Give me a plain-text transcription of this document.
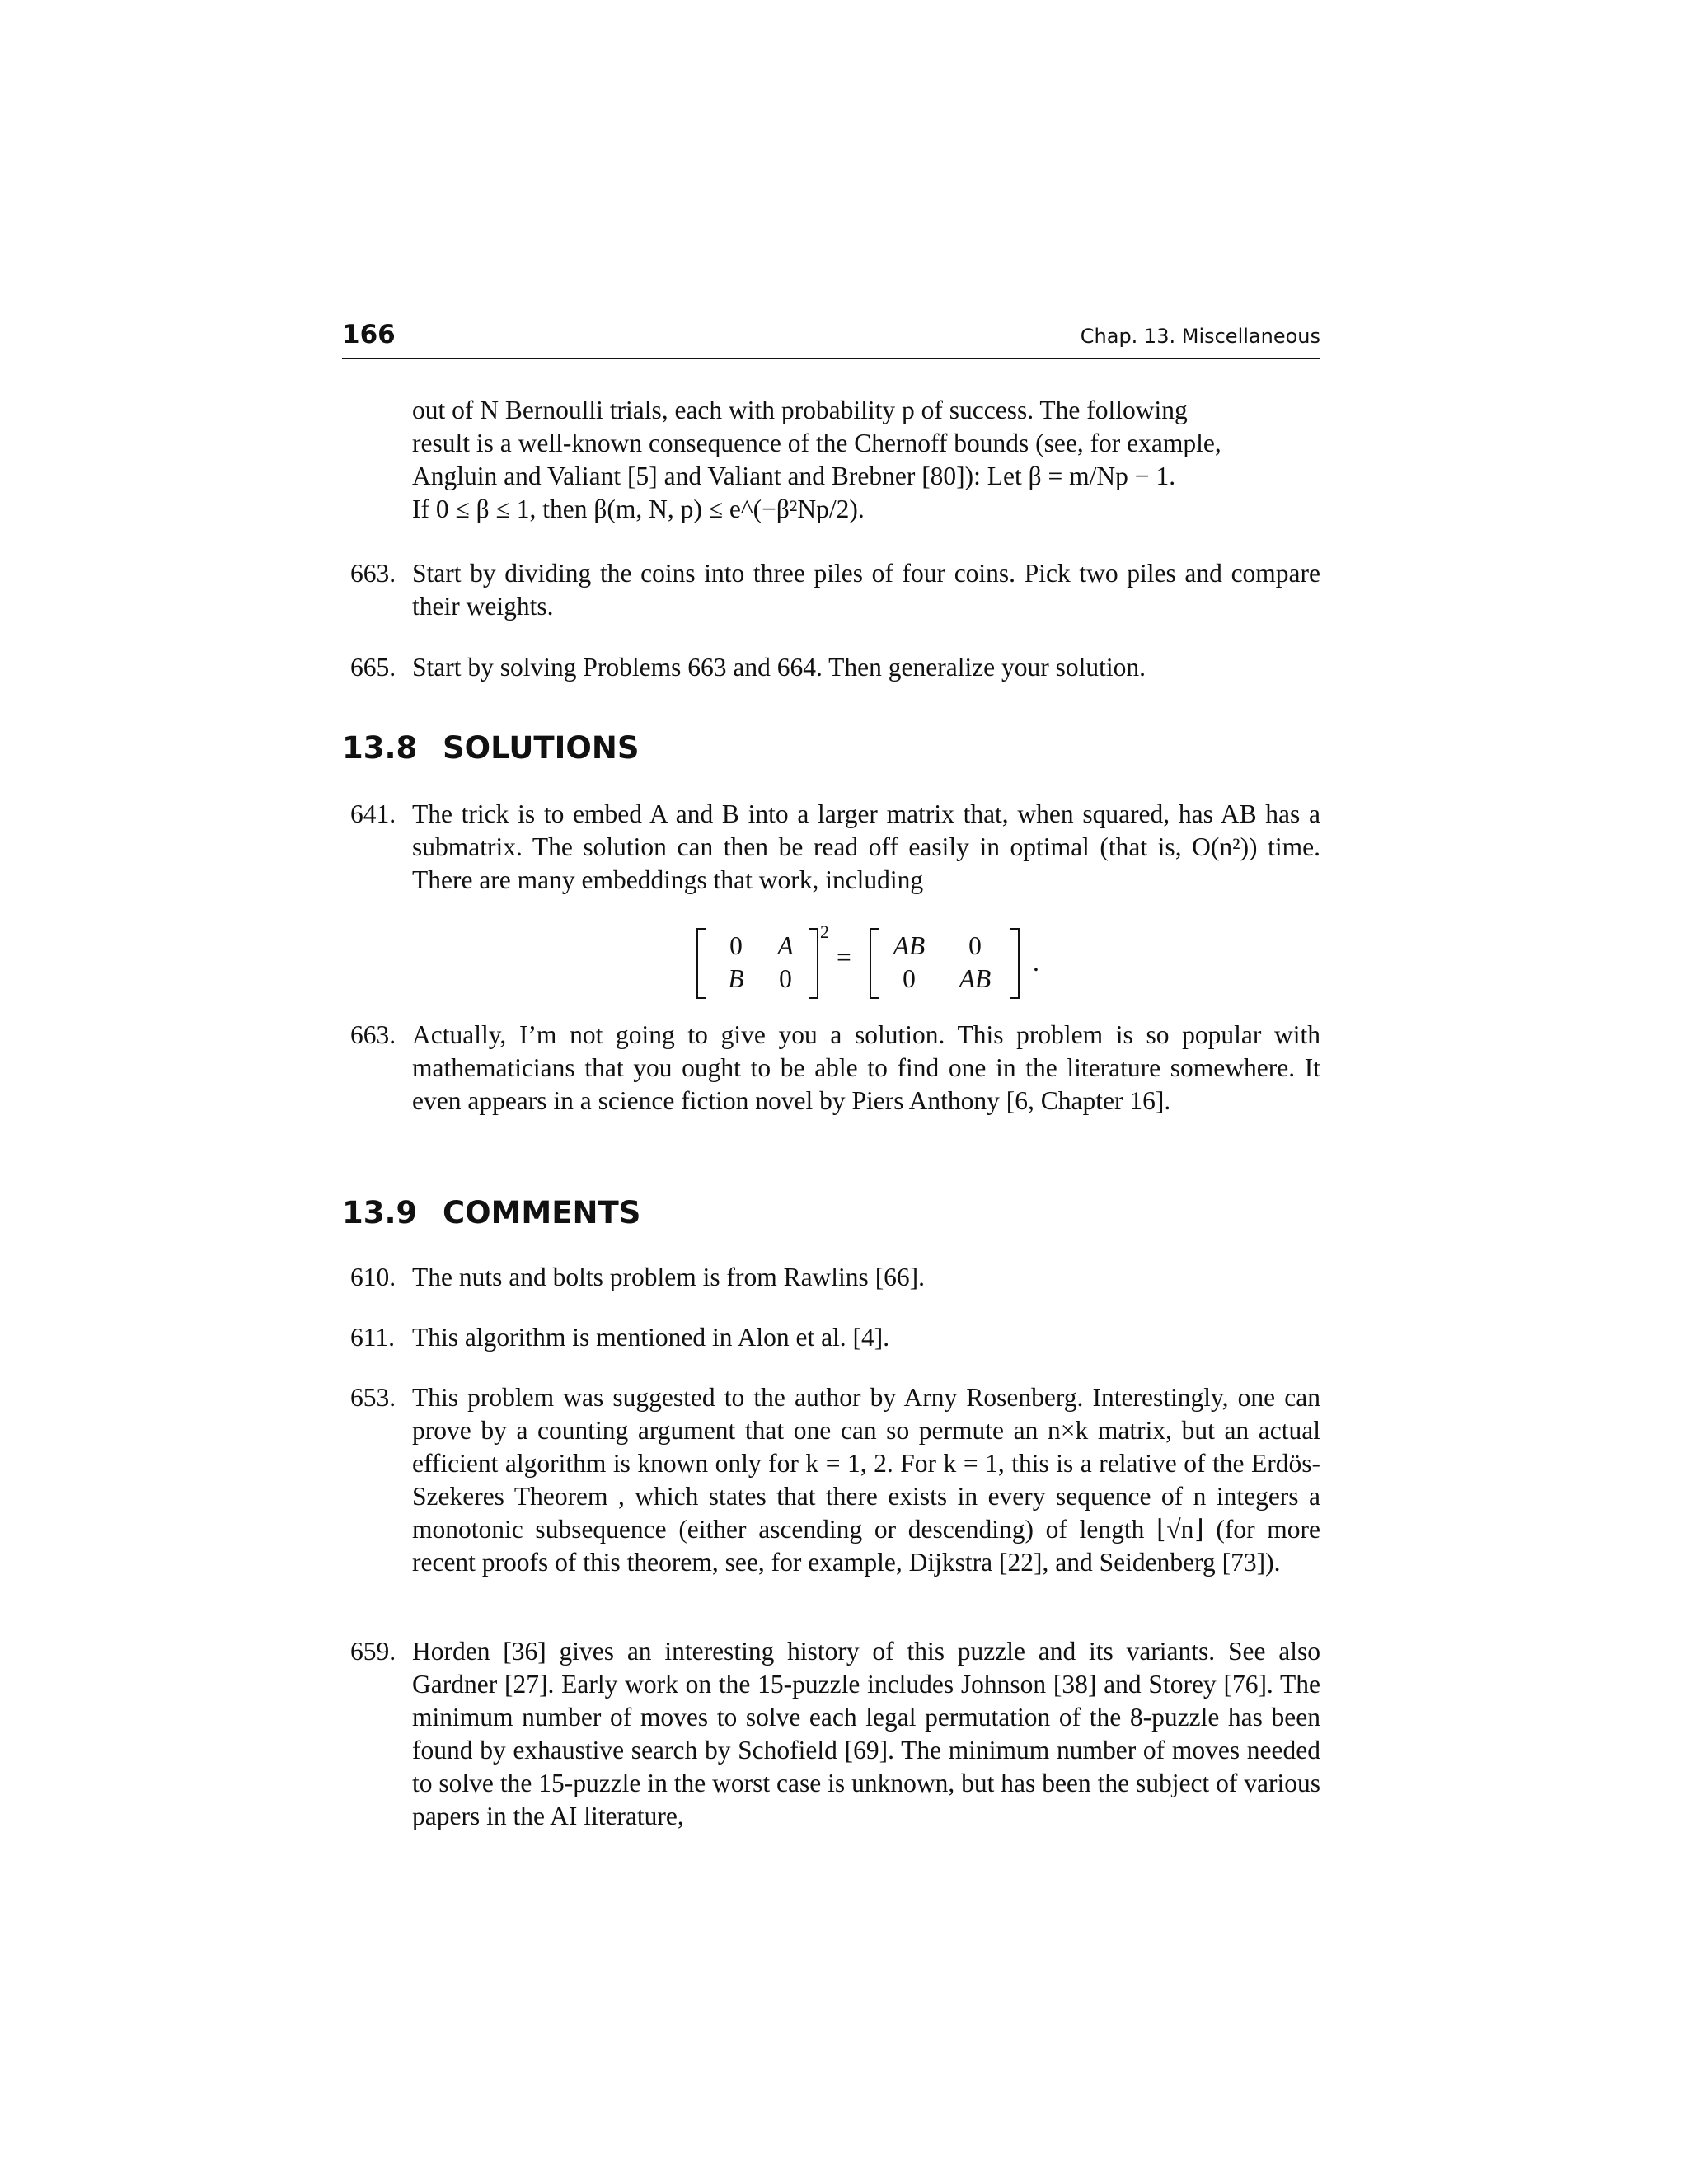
166	Chap. 13. Miscellaneous
out of N Bernoulli trials, each with probability p of success. The following
result is a well-known consequence of the Chernoff bounds (see, for example,
Angluin and Valiant [5] and Valiant and Brebner [80]): Let β = m/Np − 1.
If 0 ≤ β ≤ 1, then β(m, N, p) ≤ e^(−β²Np/2).
663. Start by dividing the coins into three piles of four coins. Pick two piles and compare their weights.
665. Start by solving Problems 663 and 664. Then generalize your solution.
13.8 SOLUTIONS
641. The trick is to embed A and B into a larger matrix that, when squared, has AB has a submatrix. The solution can then be read off easily in optimal (that is, O(n²)) time. There are many embeddings that work, including
0	A
B	0
2
=	AB	0
0	AB
.
663. Actually, I’m not going to give you a solution. This problem is so popular with mathematicians that you ought to be able to find one in the literature somewhere. It even appears in a science fiction novel by Piers Anthony [6, Chapter 16].
13.9 COMMENTS
610. The nuts and bolts problem is from Rawlins [66].
611. This algorithm is mentioned in Alon et al. [4].
653. This problem was suggested to the author by Arny Rosenberg. Interestingly, one can prove by a counting argument that one can so permute an n×k matrix, but an actual efficient algorithm is known only for k = 1, 2. For k = 1, this is a relative of the Erdös-Szekeres Theorem , which states that there exists in every sequence of n integers a monotonic subsequence (either ascending or descending) of length ⌊√n⌋ (for more recent proofs of this theorem, see, for example, Dijkstra [22], and Seidenberg [73]).
659. Horden [36] gives an interesting history of this puzzle and its variants. See also Gardner [27]. Early work on the 15-puzzle includes Johnson [38] and Storey [76]. The minimum number of moves to solve each legal permutation of the 8-puzzle has been found by exhaustive search by Schofield [69]. The minimum number of moves needed to solve the 15-puzzle in the worst case is unknown, but has been the subject of various papers in the AI literature,
